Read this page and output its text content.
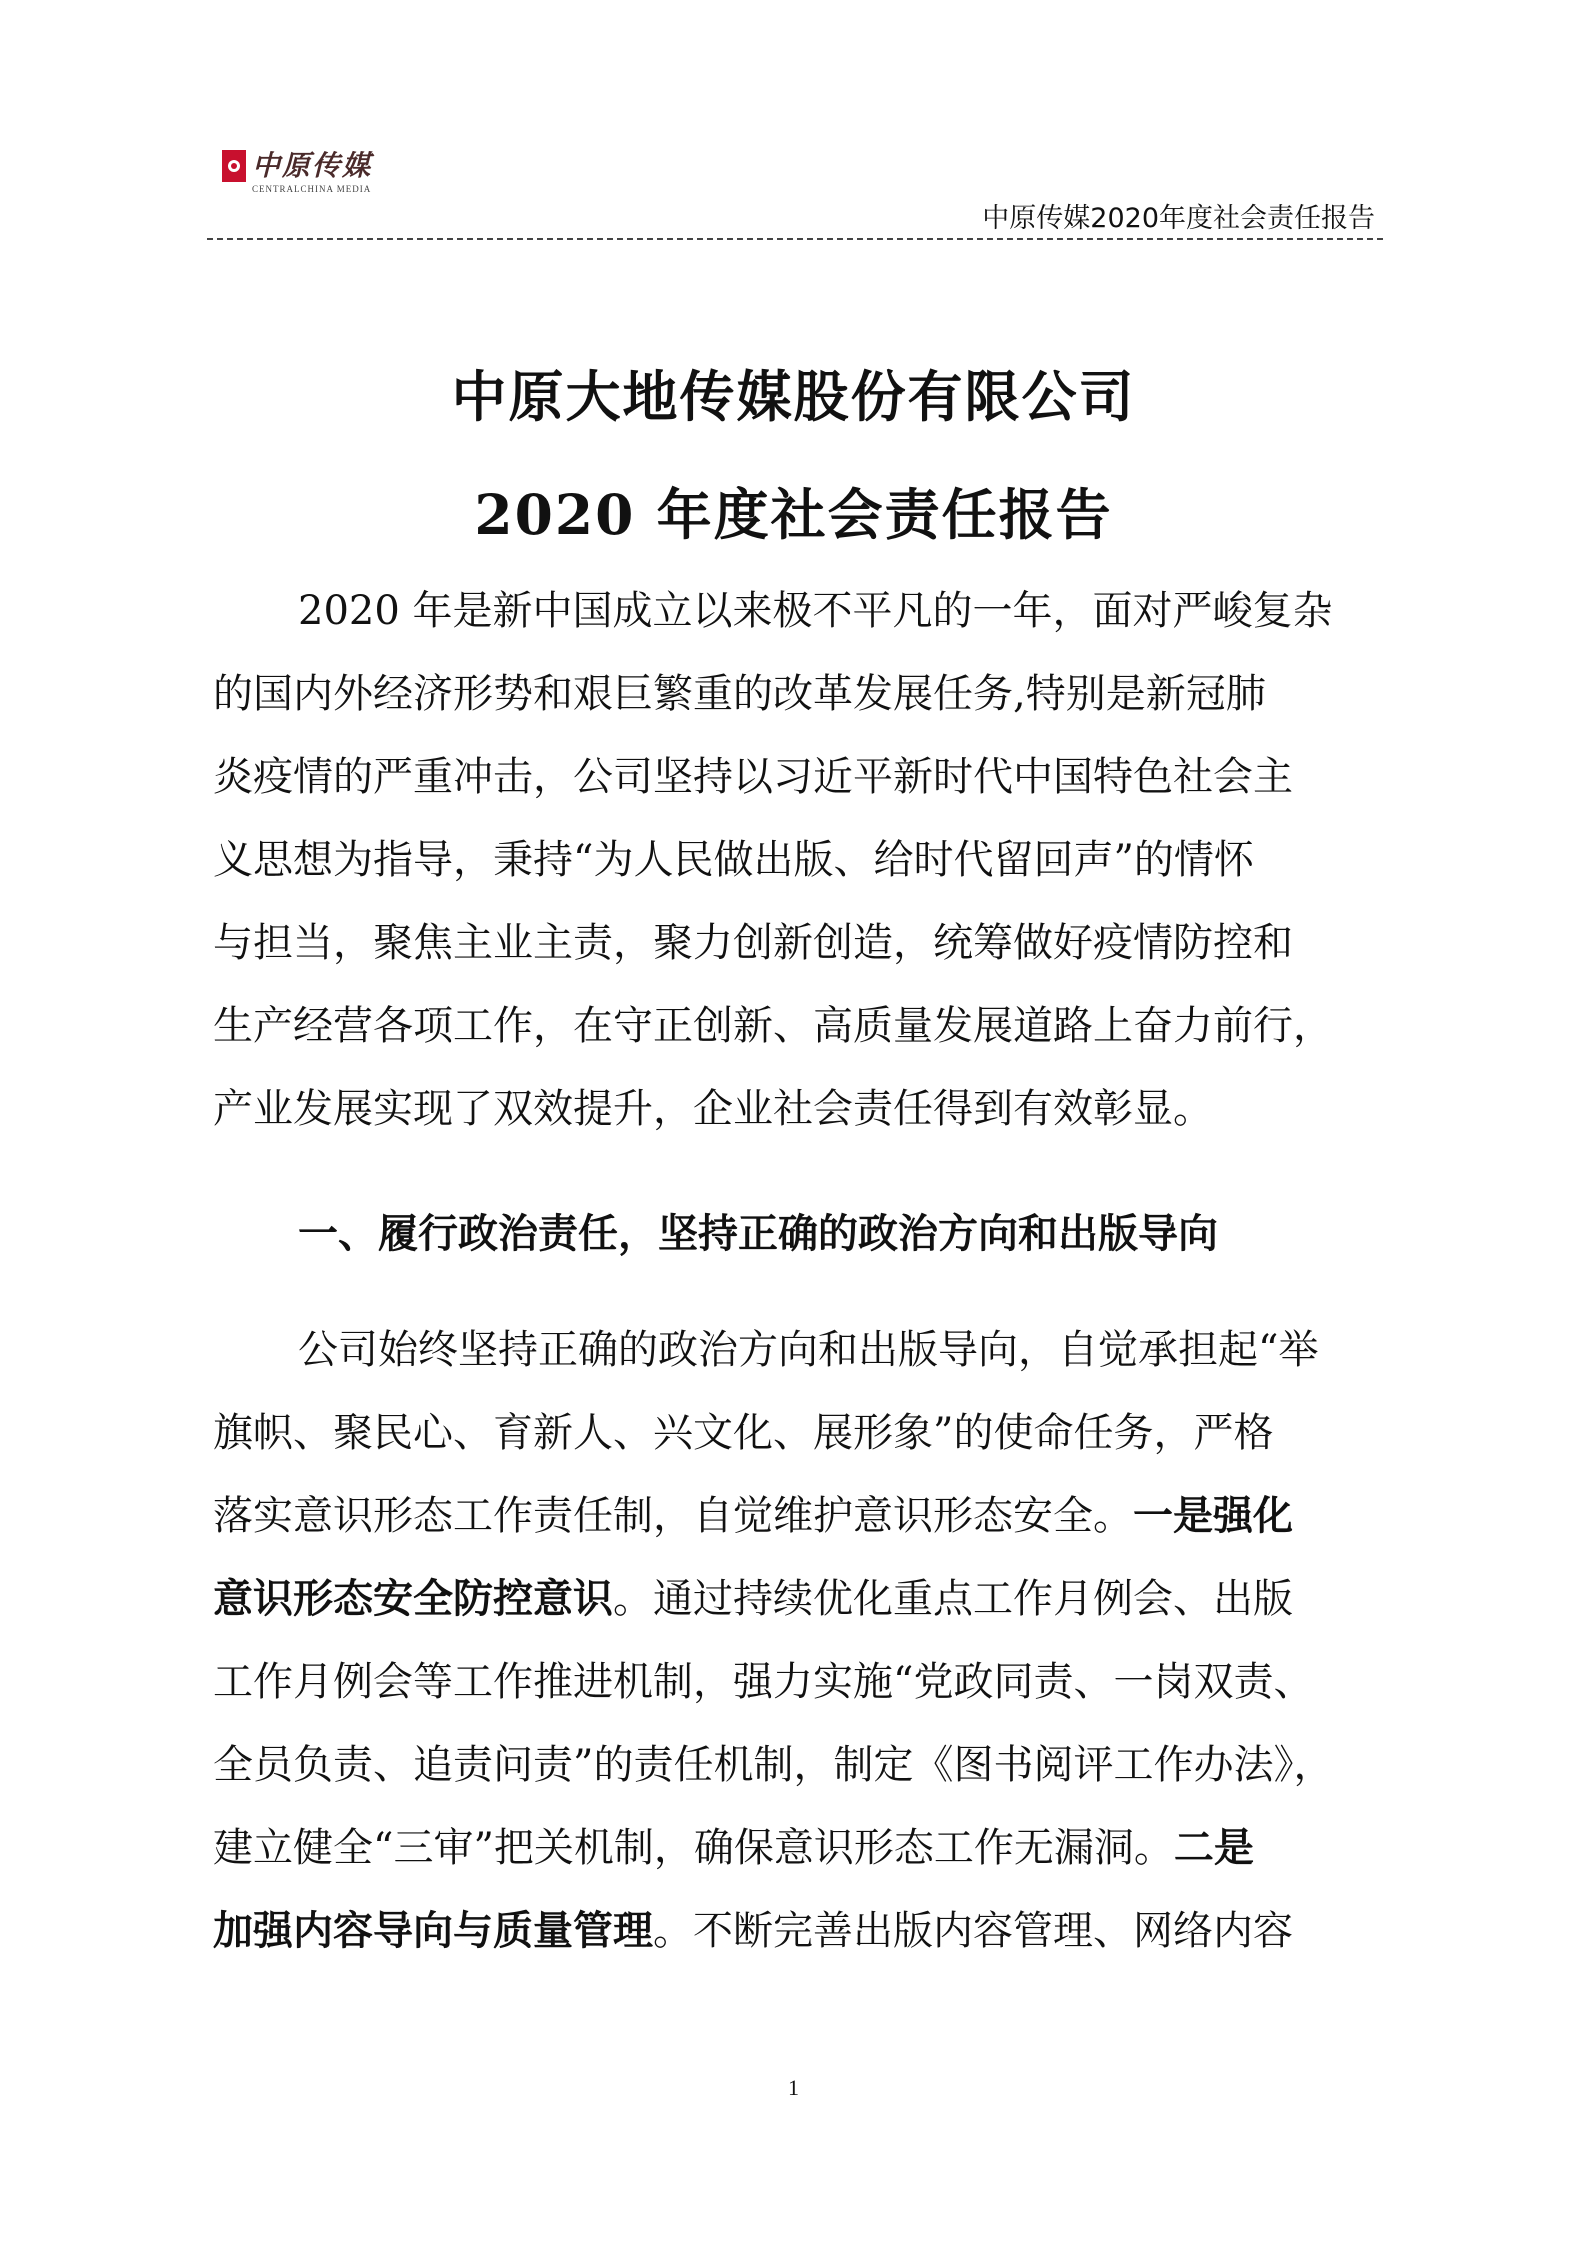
中原传媒
CENTRALCHINA MEDIA
中原传媒2020年度社会责任报告
中原大地传媒股份有限公司
2020 年度社会责任报告
2020 年是新中国成立以来极不平凡的一年，面对严峻复杂
的国内外经济形势和艰巨繁重的改革发展任务,特别是新冠肺
炎疫情的严重冲击，公司坚持以习近平新时代中国特色社会主
义思想为指导，秉持“为人民做出版、给时代留回声”的情怀
与担当，聚焦主业主责，聚力创新创造，统筹做好疫情防控和
生产经营各项工作，在守正创新、高质量发展道路上奋力前行，
产业发展实现了双效提升，企业社会责任得到有效彰显。
一、履行政治责任，坚持正确的政治方向和出版导向
公司始终坚持正确的政治方向和出版导向，自觉承担起“举
旗帜、聚民心、育新人、兴文化、展形象”的使命任务，严格
落实意识形态工作责任制，自觉维护意识形态安全。一是强化
意识形态安全防控意识。通过持续优化重点工作月例会、出版
工作月例会等工作推进机制，强力实施“党政同责、一岗双责、
全员负责、追责问责”的责任机制，制定《图书阅评工作办法》，
建立健全“三审”把关机制，确保意识形态工作无漏洞。二是
加强内容导向与质量管理。不断完善出版内容管理、网络内容
1
